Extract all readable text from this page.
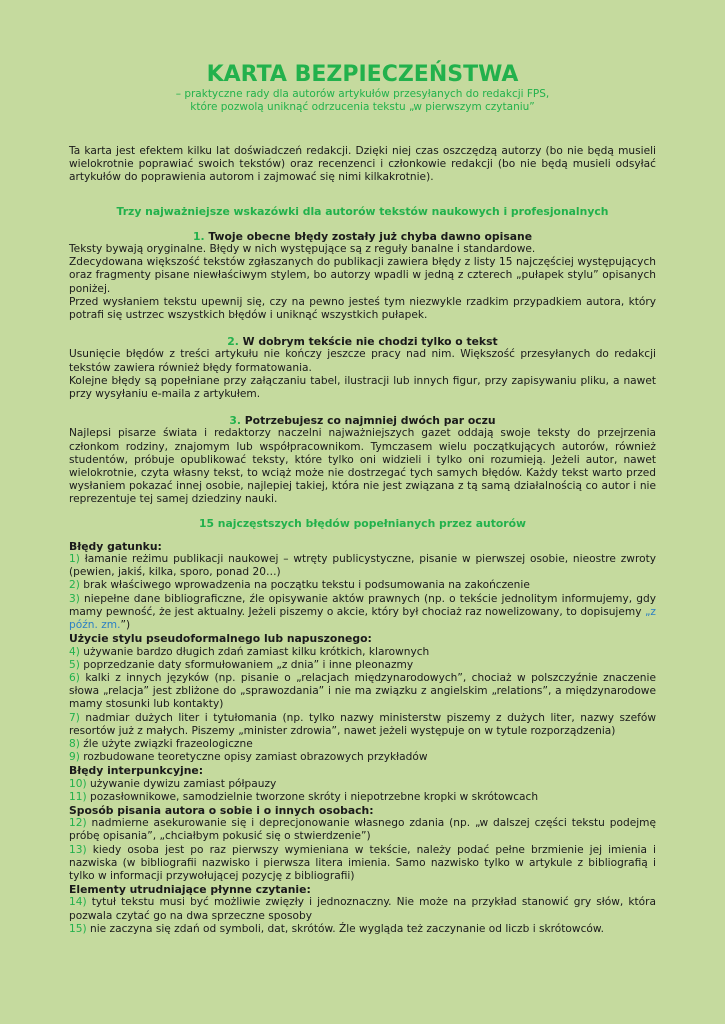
KARTA BEZPIECZEŃSTWA
– praktyczne rady dla autorów artykułów przesyłanych do redakcji FPS,
które pozwolą uniknąć odrzucenia tekstu „w pierwszym czytaniu”

Ta karta jest efektem kilku lat doświadczeń redakcji. Dzięki niej czas oszczędzą autorzy (bo nie będą musieli wielokrotnie poprawiać swoich tekstów) oraz recenzenci i członkowie redakcji (bo nie będą musieli odsyłać artykułów do poprawienia autorom i zajmować się nimi kilkakrotnie).

Trzy najważniejsze wskazówki dla autorów tekstów naukowych i profesjonalnych
1. Twoje obecne błędy zostały już chyba dawno opisane

Teksty bywają oryginalne. Błędy w nich występujące są z reguły banalne i standardowe.

Zdecydowana większość tekstów zgłaszanych do publikacji zawiera błędy z listy 15 najczęściej występujących oraz fragmenty pisane niewłaściwym stylem, bo autorzy wpadli w jedną z czterech „pułapek stylu” opisanych poniżej.

Przed wysłaniem tekstu upewnij się, czy na pewno jesteś tym niezwykle rzadkim przypadkiem autora, który potrafi się ustrzec wszystkich błędów i uniknąć wszystkich pułapek.

2. W dobrym tekście nie chodzi tylko o tekst

Usunięcie błędów z treści artykułu nie kończy jeszcze pracy nad nim. Większość przesyłanych do redakcji tekstów zawiera również błędy formatowania.

Kolejne błędy są popełniane przy załączaniu tabel, ilustracji lub innych figur, przy zapisywaniu pliku, a nawet przy wysyłaniu e-maila z artykułem.

3. Potrzebujesz co najmniej dwóch par oczu

Najlepsi pisarze świata i redaktorzy naczelni najważniejszych gazet oddają swoje teksty do przejrzenia członkom rodziny, znajomym lub współpracownikom. Tymczasem wielu początkujących autorów, również studentów, próbuje opublikować teksty, które tylko oni widzieli i tylko oni rozumieją. Jeżeli autor, nawet wielokrotnie, czyta własny tekst, to wciąż może nie dostrzegać tych samych błędów. Każdy tekst warto przed wysłaniem pokazać innej osobie, najlepiej takiej, która nie jest związana z tą samą działalnością co autor i nie reprezentuje tej samej dziedziny nauki.

15 najczęstszych błędów popełnianych przez autorów
Błędy gatunku:
1) łamanie reżimu publikacji naukowej – wtręty publicystyczne, pisanie w pierwszej osobie, nieostre zwroty (pewien, jakiś, kilka, sporo, ponad 20…)
2) brak właściwego wprowadzenia na początku tekstu i podsumowania na zakończenie
3) niepełne dane bibliograficzne, źle opisywanie aktów prawnych (np. o tekście jednolitym informujemy, gdy mamy pewność, że jest aktualny. Jeżeli piszemy o akcie, który był chociaż raz nowelizowany, to dopisujemy „z późn. zm.”)
Użycie stylu pseudoformalnego lub napuszonego:
4) używanie bardzo długich zdań zamiast kilku krótkich, klarownych
5) poprzedzanie daty sformułowaniem „z dnia” i inne pleonazmy
6) kalki z innych języków (np. pisanie o „relacjach międzynarodowych”, chociaż w polszczyźnie znaczenie słowa „relacja” jest zbliżone do „sprawozdania” i nie ma związku z angielskim „relations”, a międzynarodowe mamy stosunki lub kontakty)
7) nadmiar dużych liter i tytułomania (np. tylko nazwy ministerstw piszemy z dużych liter, nazwy szefów resortów już z małych. Piszemy „minister zdrowia”, nawet jeżeli występuje on w tytule rozporządzenia)
8) źle użyte związki frazeologiczne
9) rozbudowane teoretyczne opisy zamiast obrazowych przykładów
Błędy interpunkcyjne:
10) używanie dywizu zamiast półpauzy
11) pozasłownikowe, samodzielnie tworzone skróty i niepotrzebne kropki w skrótowcach
Sposób pisania autora o sobie i o innych osobach:
12) nadmierne asekurowanie się i deprecjonowanie własnego zdania (np. „w dalszej części tekstu podejmę próbę opisania”, „chciałbym pokusić się o stwierdzenie”)
13) kiedy osoba jest po raz pierwszy wymieniana w tekście, należy podać pełne brzmienie jej imienia i nazwiska (w bibliografii nazwisko i pierwsza litera imienia. Samo nazwisko tylko w artykule z bibliografią i tylko w informacji przywołującej pozycję z bibliografii)
Elementy utrudniające płynne czytanie:
14) tytuł tekstu musi być możliwie zwięzły i jednoznaczny. Nie może na przykład stanowić gry słów, która pozwala czytać go na dwa sprzeczne sposoby
15) nie zaczyna się zdań od symboli, dat, skrótów. Źle wygląda też zaczynanie od liczb i skrótowców.
